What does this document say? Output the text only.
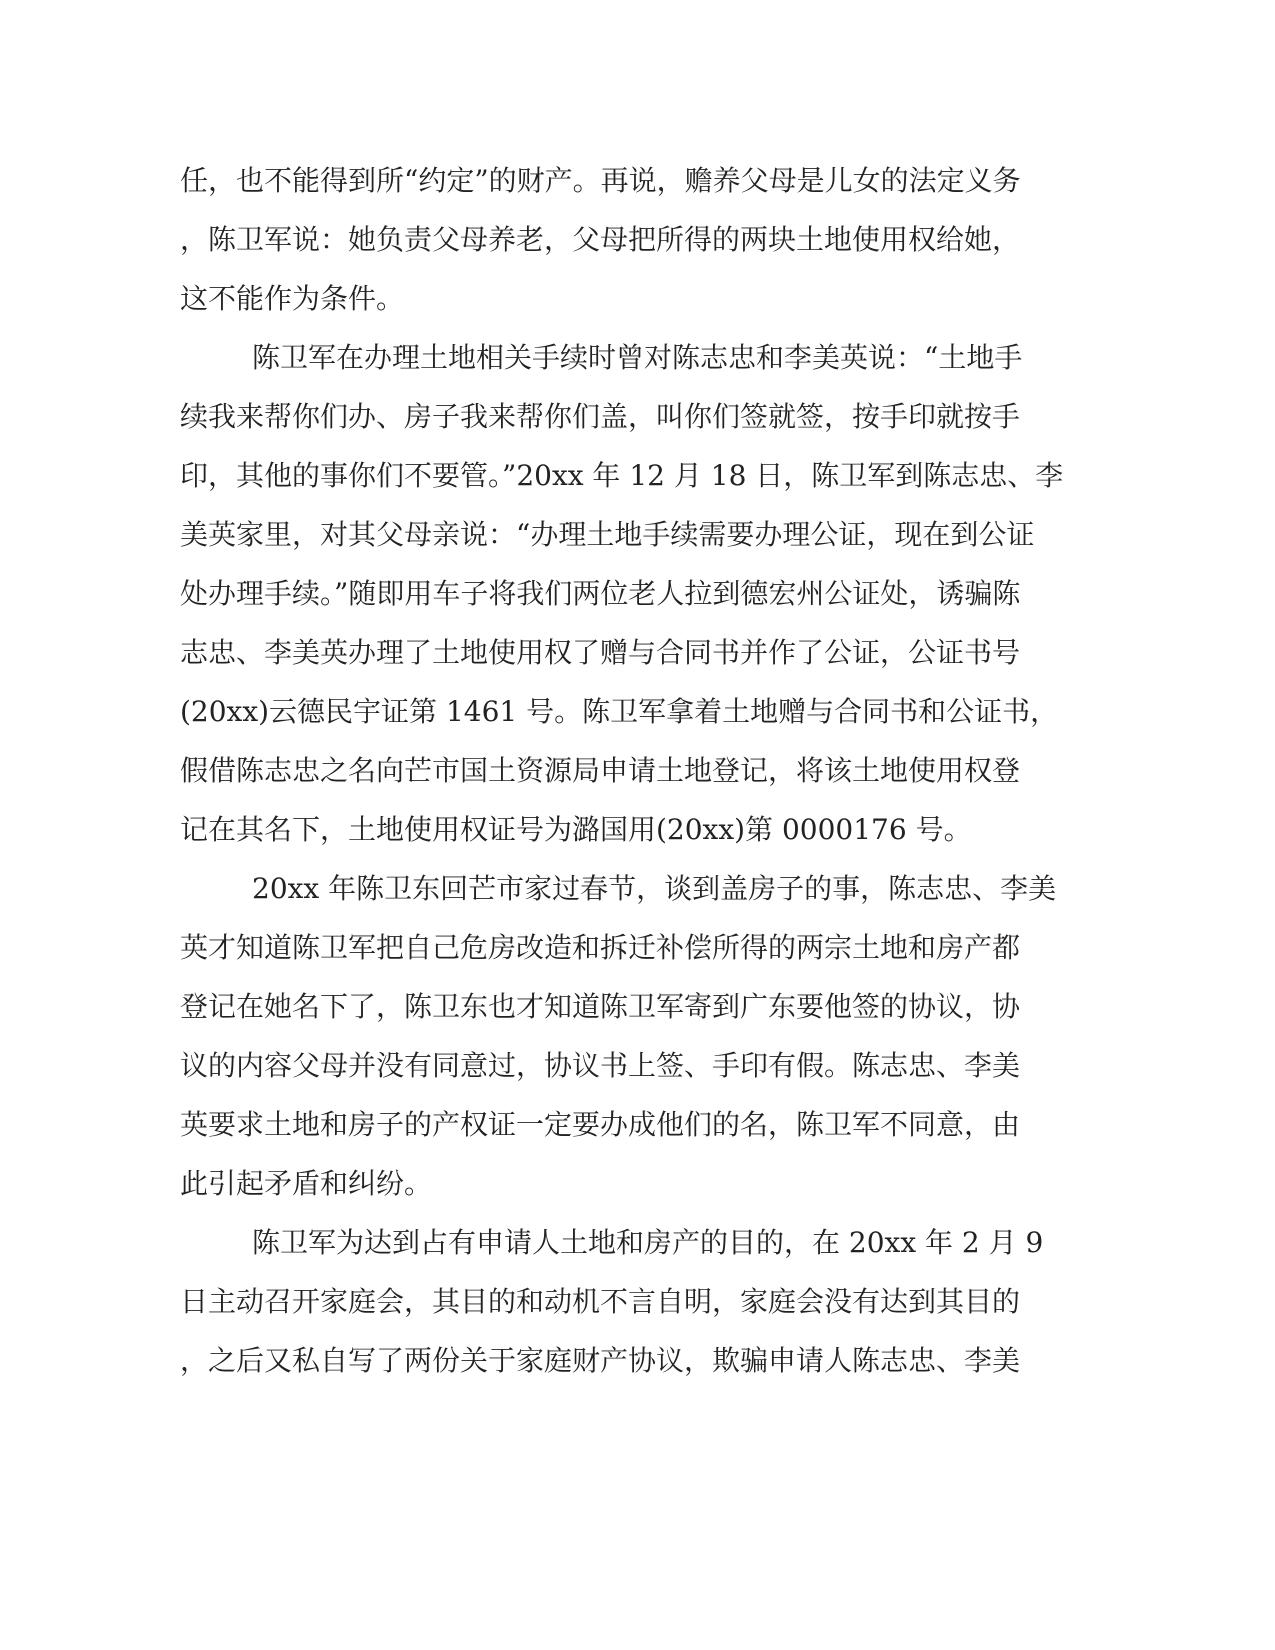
任，也不能得到所“约定”的财产。再说，赡养父母是儿女的法定义务
，陈卫军说：她负责父母养老，父母把所得的两块土地使用权给她，
这不能作为条件。
陈卫军在办理土地相关手续时曾对陈志忠和李美英说：“土地手
续我来帮你们办、房子我来帮你们盖，叫你们签就签，按手印就按手
印，其他的事你们不要管。”20xx 年 12 月 18 日，陈卫军到陈志忠、李
美英家里，对其父母亲说：“办理土地手续需要办理公证，现在到公证
处办理手续。”随即用车子将我们两位老人拉到德宏州公证处，诱骗陈
志忠、李美英办理了土地使用权了赠与合同书并作了公证，公证书号
(20xx)云德民宇证第 1461 号。陈卫军拿着土地赠与合同书和公证书，
假借陈志忠之名向芒市国土资源局申请土地登记，将该土地使用权登
记在其名下，土地使用权证号为潞国用(20xx)第 0000176 号。
20xx 年陈卫东回芒市家过春节，谈到盖房子的事，陈志忠、李美
英才知道陈卫军把自己危房改造和拆迁补偿所得的两宗土地和房产都
登记在她名下了，陈卫东也才知道陈卫军寄到广东要他签的协议，协
议的内容父母并没有同意过，协议书上签、手印有假。陈志忠、李美
英要求土地和房子的产权证一定要办成他们的名，陈卫军不同意，由
此引起矛盾和纠纷。
陈卫军为达到占有申请人土地和房产的目的，在 20xx 年 2 月 9
日主动召开家庭会，其目的和动机不言自明，家庭会没有达到其目的
，之后又私自写了两份关于家庭财产协议，欺骗申请人陈志忠、李美
